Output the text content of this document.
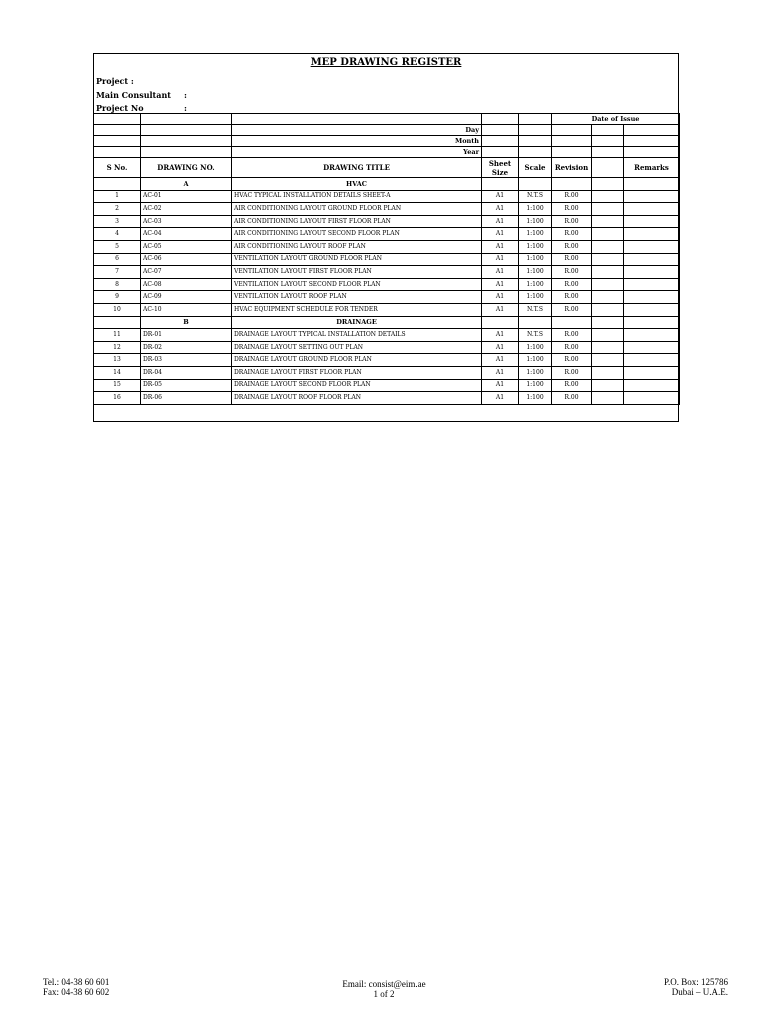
MEP DRAWING REGISTER
Project :
Main Consultant :
Project No	:
					Date of Issue		
		Day					
		Month					
		Year					
S No.	DRAWING NO.	DRAWING TITLE	Sheet Size	Scale	Revision		Remarks
	A	HVAC					
1	AC-01	HVAC TYPICAL INSTALLATION DETAILS SHEET-A	A1	N.T.S	R.00		
2	AC-02	AIR CONDITIONING LAYOUT GROUND FLOOR PLAN	A1	1:100	R.00		
3	AC-03	AIR CONDITIONING LAYOUT FIRST FLOOR PLAN	A1	1:100	R.00		
4	AC-04	AIR CONDITIONING LAYOUT SECOND FLOOR PLAN	A1	1:100	R.00		
5	AC-05	AIR CONDITIONING LAYOUT ROOF PLAN	A1	1:100	R.00		
6	AC-06	VENTILATION LAYOUT GROUND FLOOR PLAN	A1	1:100	R.00		
7	AC-07	VENTILATION LAYOUT FIRST FLOOR PLAN	A1	1:100	R.00		
8	AC-08	VENTILATION LAYOUT SECOND FLOOR PLAN	A1	1:100	R.00		
9	AC-09	VENTILATION LAYOUT ROOF PLAN	A1	1:100	R.00		
10	AC-10	HVAC EQUIPMENT SCHEDULE FOR TENDER	A1	N.T.S	R.00		
	B	DRAINAGE					
11	DR-01	DRAINAGE LAYOUT TYPICAL INSTALLATION DETAILS	A1	N.T.S	R.00		
12	DR-02	DRAINAGE LAYOUT SETTING OUT PLAN	A1	1:100	R.00		
13	DR-03	DRAINAGE LAYOUT GROUND FLOOR PLAN	A1	1:100	R.00		
14	DR-04	DRAINAGE LAYOUT FIRST FLOOR PLAN	A1	1:100	R.00		
15	DR-05	DRAINAGE LAYOUT SECOND FLOOR PLAN	A1	1:100	R.00		
16	DR-06	DRAINAGE LAYOUT ROOF FLOOR PLAN	A1	1:100	R.00		
Tel.: 04-38 60 601
Fax: 04-38 60 602
Email: consist@eim.ae
1 of 2
P.O. Box: 125786
Dubai – U.A.E.
